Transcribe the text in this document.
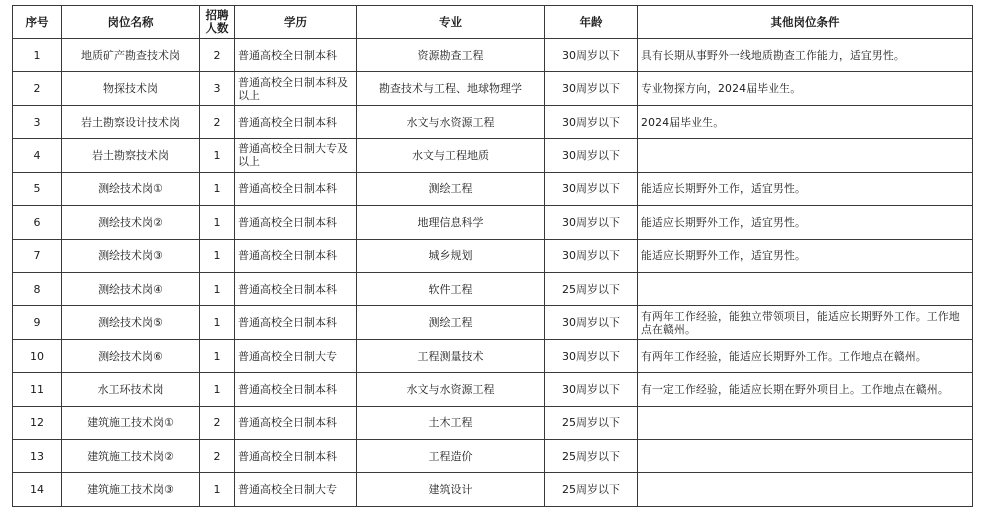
序号	岗位名称	招聘人数	学历	专业	年龄	其他岗位条件
1	地质矿产勘查技术岗	2	普通高校全日制本科	资源勘查工程	30周岁以下	具有长期从事野外一线地质勘查工作能力，适宜男性。
2	物探技术岗	3	普通高校全日制本科及以上	勘查技术与工程、地球物理学	30周岁以下	专业物探方向，2024届毕业生。
3	岩土勘察设计技术岗	2	普通高校全日制本科	水文与水资源工程	30周岁以下	2024届毕业生。
4	岩土勘察技术岗	1	普通高校全日制大专及以上	水文与工程地质	30周岁以下	
5	测绘技术岗①	1	普通高校全日制本科	测绘工程	30周岁以下	能适应长期野外工作，适宜男性。
6	测绘技术岗②	1	普通高校全日制本科	地理信息科学	30周岁以下	能适应长期野外工作，适宜男性。
7	测绘技术岗③	1	普通高校全日制本科	城乡规划	30周岁以下	能适应长期野外工作，适宜男性。
8	测绘技术岗④	1	普通高校全日制本科	软件工程	25周岁以下	
9	测绘技术岗⑤	1	普通高校全日制本科	测绘工程	30周岁以下	有两年工作经验，能独立带领项目，能适应长期野外工作。工作地点在赣州。
10	测绘技术岗⑥	1	普通高校全日制大专	工程测量技术	30周岁以下	有两年工作经验，能适应长期野外工作。工作地点在赣州。
11	水工环技术岗	1	普通高校全日制本科	水文与水资源工程	30周岁以下	有一定工作经验，能适应长期在野外项目上。工作地点在赣州。
12	建筑施工技术岗①	2	普通高校全日制本科	土木工程	25周岁以下	
13	建筑施工技术岗②	2	普通高校全日制本科	工程造价	25周岁以下	
14	建筑施工技术岗③	1	普通高校全日制大专	建筑设计	25周岁以下	
